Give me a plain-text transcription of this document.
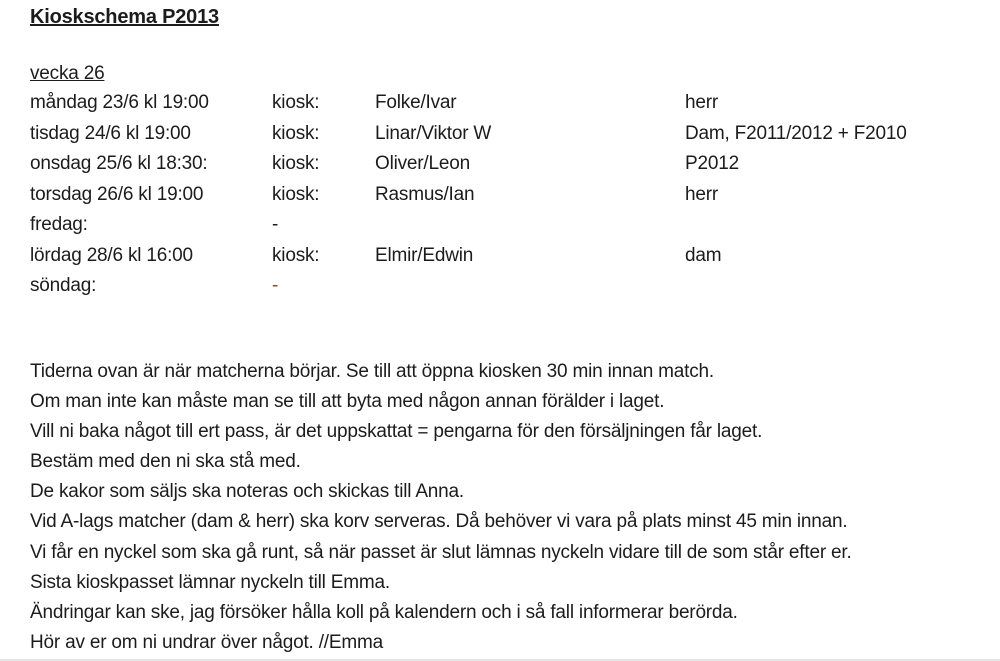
Kioskschema P2013
vecka 26
måndag 23/6 kl 19:00	kiosk:	Folke/Ivar	herr
tisdag 24/6 kl 19:00	kiosk:	Linar/Viktor W	Dam, F2011/2012 + F2010
onsdag 25/6 kl 18:30:	kiosk:	Oliver/Leon	P2012
torsdag 26/6 kl 19:00	kiosk:	Rasmus/Ian	herr
fredag:	-
lördag 28/6 kl 16:00	kiosk:	Elmir/Edwin	dam
söndag:	-
Tiderna ovan är när matcherna börjar. Se till att öppna kiosken 30 min innan match.
Om man inte kan måste man se till att byta med någon annan förälder i laget.
Vill ni baka något till ert pass, är det uppskattat = pengarna för den försäljningen får laget.
Bestäm med den ni ska stå med.
De kakor som säljs ska noteras och skickas till Anna.
Vid A-lags matcher (dam & herr) ska korv serveras. Då behöver vi vara på plats minst 45 min innan.
Vi får en nyckel som ska gå runt, så när passet är slut lämnas nyckeln vidare till de som står efter er.
Sista kioskpasset lämnar nyckeln till Emma.
Ändringar kan ske, jag försöker hålla koll på kalendern och i så fall informerar berörda.
Hör av er om ni undrar över något. //Emma
